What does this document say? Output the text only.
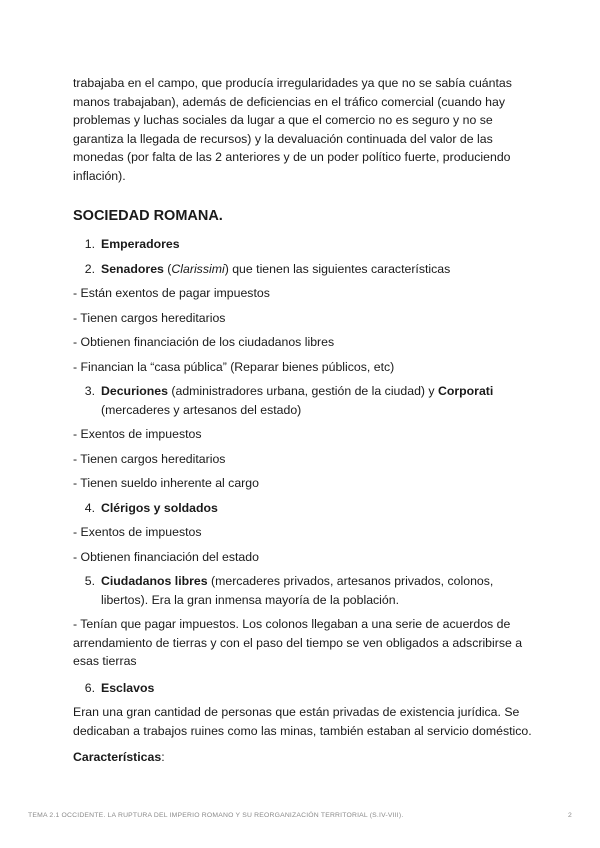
trabajaba en el campo, que producía irregularidades ya que no se sabía cuántas manos trabajaban), además de deficiencias en el tráfico comercial (cuando hay problemas y luchas sociales da lugar a que el comercio no es seguro y no se garantiza la llegada de recursos) y la devaluación continuada del valor de las monedas (por falta de las 2 anteriores y de un poder político fuerte, produciendo inflación).

SOCIEDAD ROMANA.
1. Emperadores
2. Senadores (Clarissimi) que tienen las siguientes características

- Están exentos de pagar impuestos

- Tienen cargos hereditarios

- Obtienen financiación de los ciudadanos libres

- Financian la “casa pública” (Reparar bienes públicos, etc)

3. Decuriones (administradores urbana, gestión de la ciudad) y Corporati (mercaderes y artesanos del estado)

- Exentos de impuestos

- Tienen cargos hereditarios

- Tienen sueldo inherente al cargo

4. Clérigos y soldados

- Exentos de impuestos

- Obtienen financiación del estado

5. Ciudadanos libres (mercaderes privados, artesanos privados, colonos, libertos). Era la gran inmensa mayoría de la población.

- Tenían que pagar impuestos. Los colonos llegaban a una serie de acuerdos de arrendamiento de tierras y con el paso del tiempo se ven obligados a adscribirse a esas tierras

6. Esclavos

Eran una gran cantidad de personas que están privadas de existencia jurídica. Se dedicaban a trabajos ruines como las minas, también estaban al servicio doméstico.

Características:

TEMA 2.1 OCCIDENTE. LA RUPTURA DEL IMPERIO ROMANO Y SU REORGANIZACIÓN TERRITORIAL (S.IV-VIII).	2
